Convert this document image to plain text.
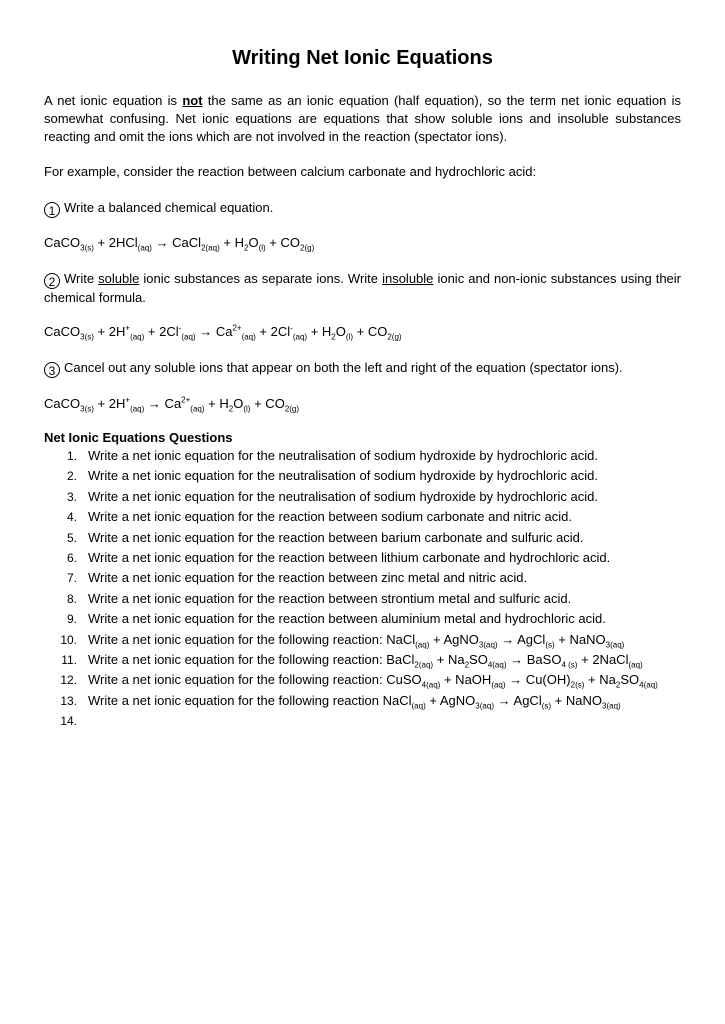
Writing Net Ionic Equations

A net ionic equation is not the same as an ionic equation (half equation), so the term net ionic equation is somewhat confusing. Net ionic equations are equations that show soluble ions and insoluble substances reacting and omit the ions which are not involved in the reaction (spectator ions).

For example, consider the reaction between calcium carbonate and hydrochloric acid:

1 Write a balanced chemical equation.

CaCO$_{3(s)}$ + 2HCl$_{(aq)}$ → CaCl$_{2(aq)}$ + $H_2O_{(l)} + CO_{2(g)}$

2 Write soluble ionic substances as separate ions. Write insoluble ionic and non-ionic substances using their chemical formula.

CaCO$_{3(s)}$ + $2H^+_{(aq)} + 2Cl^-_{(aq)} \to Ca^{2+}_{(aq)} + 2Cl^-_{(aq)} + H_2O_{(l)} + CO_{2(g)}$

3 Cancel out any soluble ions that appear on both the left and right of the equation (spectator ions).

CaCO$_{3(s)}$ + $2H^+_{(aq)} \to Ca^{2+}_{(aq)} + H_2O_{(l)} + CO_{2(g)}$

Net Ionic Equations Questions

1. Write a net ionic equation for the neutralisation of sodium hydroxide by hydrochloric acid.
2. Write a net ionic equation for the neutralisation of sodium hydroxide by hydrochloric acid.
3. Write a net ionic equation for the neutralisation of sodium hydroxide by hydrochloric acid.
4. Write a net ionic equation for the reaction between sodium carbonate and nitric acid.
5. Write a net ionic equation for the reaction between barium carbonate and sulfuric acid.
6. Write a net ionic equation for the reaction between lithium carbonate and hydrochloric acid.
7. Write a net ionic equation for the reaction between zinc metal and nitric acid.
8. Write a net ionic equation for the reaction between strontium metal and sulfuric acid.
9. Write a net ionic equation for the reaction between aluminium metal and hydrochloric acid.
10. Write a net ionic equation for the following reaction: NaCl$_{(aq)}$ + AgNO$_{3(aq)}$ → AgCl$_{(s)}$ + NaNO$_{3(aq)}$
11. Write a net ionic equation for the following reaction: BaCl$_{2(aq)}$ + $Na_2SO_{4(aq)}$ → BaSO$_4$ $_{(s)}$ + 2NaCl$_{(aq)}$
12. Write a net ionic equation for the following reaction: CuSO$_{4(aq)}$ + NaOH$_{(aq)}$ → $Cu(OH)_{2(s)} + Na_2SO_{4(aq)}$
13. Write a net ionic equation for the following reaction NaCl$_{(aq)}$ + AgNO$_{3(aq)}$ → AgCl$_{(s)}$ + NaNO$_{3(aq)}$
14.
